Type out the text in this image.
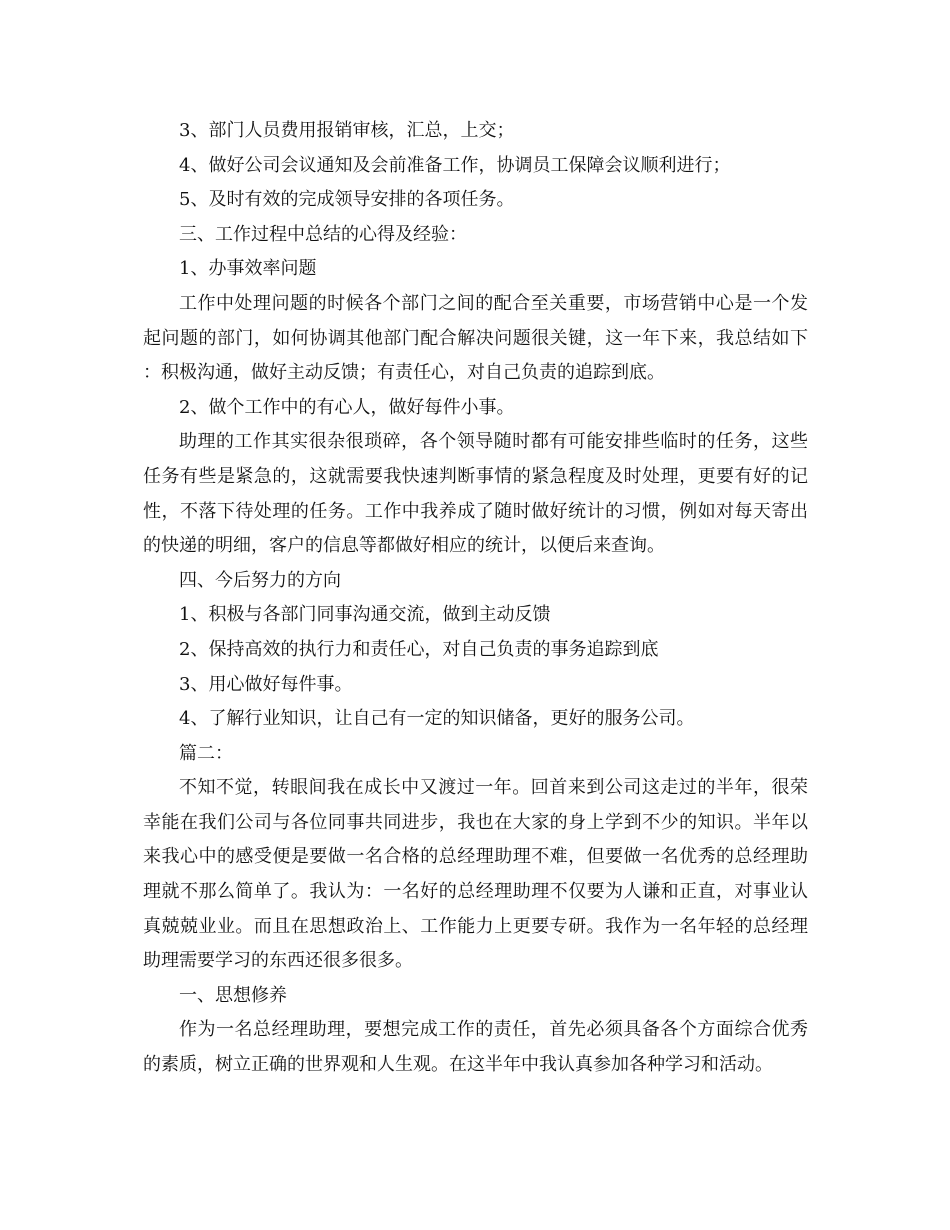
3、部门人员费用报销审核，汇总，上交；

4、做好公司会议通知及会前准备工作，协调员工保障会议顺利进行；

5、及时有效的完成领导安排的各项任务。

三、工作过程中总结的心得及经验：

1、办事效率问题

工作中处理问题的时候各个部门之间的配合至关重要，市场营销中心是一个发起问题的部门，如何协调其他部门配合解决问题很关键，这一年下来，我总结如下：积极沟通，做好主动反馈；有责任心，对自己负责的追踪到底。

2、做个工作中的有心人，做好每件小事。

助理的工作其实很杂很琐碎，各个领导随时都有可能安排些临时的任务，这些任务有些是紧急的，这就需要我快速判断事情的紧急程度及时处理，更要有好的记性，不落下待处理的任务。工作中我养成了随时做好统计的习惯，例如对每天寄出的快递的明细，客户的信息等都做好相应的统计，以便后来查询。

四、今后努力的方向

1、积极与各部门同事沟通交流，做到主动反馈

2、保持高效的执行力和责任心，对自己负责的事务追踪到底

3、用心做好每件事。

4、了解行业知识，让自己有一定的知识储备，更好的服务公司。

篇二：

不知不觉，转眼间我在成长中又渡过一年。回首来到公司这走过的半年，很荣幸能在我们公司与各位同事共同进步，我也在大家的身上学到不少的知识。半年以来我心中的感受便是要做一名合格的总经理助理不难，但要做一名优秀的总经理助理就不那么简单了。我认为：一名好的总经理助理不仅要为人谦和正直，对事业认真兢兢业业。而且在思想政治上、工作能力上更要专研。我作为一名年轻的总经理助理需要学习的东西还很多很多。

一、思想修养

作为一名总经理助理，要想完成工作的责任，首先必须具备各个方面综合优秀的素质，树立正确的世界观和人生观。在这半年中我认真参加各种学习和活动。
